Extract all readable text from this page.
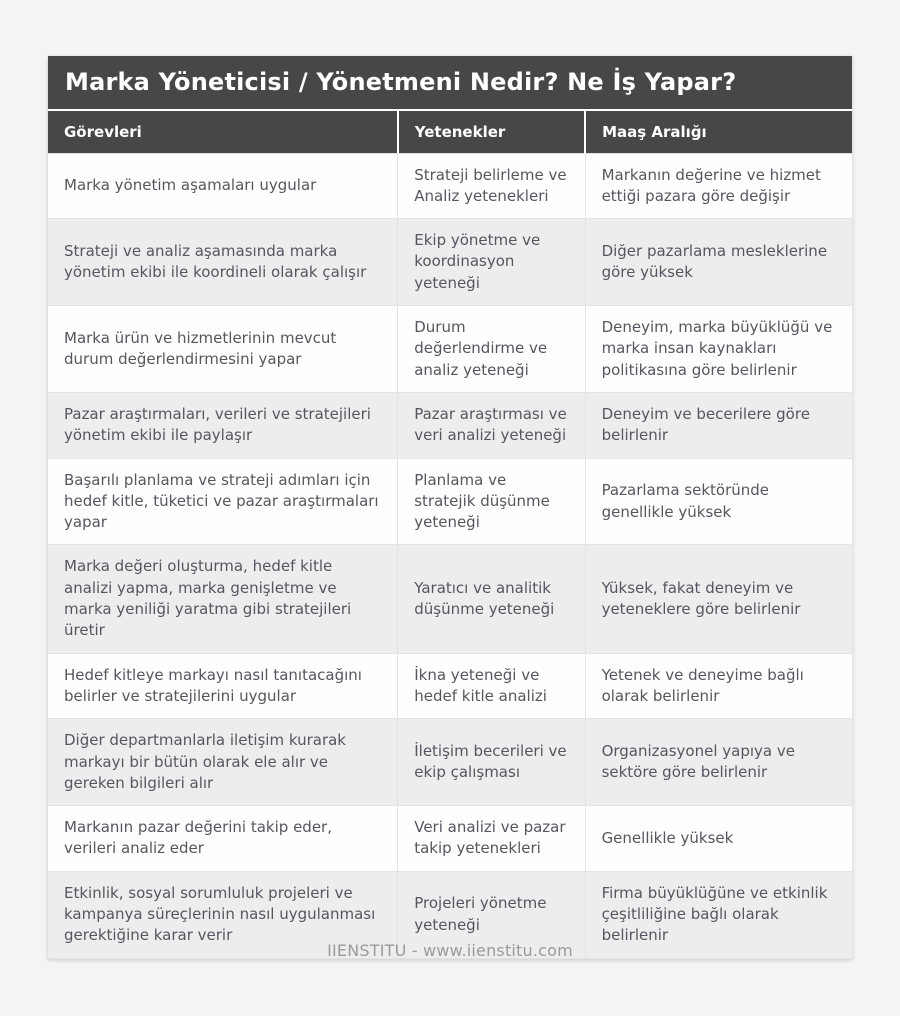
Marka Yöneticisi / Yönetmeni Nedir? Ne İş Yapar?
Görevleri	Yetenekler	Maaş Aralığı
Marka yönetim aşamaları uygular	Strateji belirleme ve Analiz yetenekleri	Markanın değerine ve hizmet ettiği pazara göre değişir
Strateji ve analiz aşamasında marka yönetim ekibi ile koordineli olarak çalışır	Ekip yönetme ve koordinasyon yeteneği	Diğer pazarlama mesleklerine göre yüksek
Marka ürün ve hizmetlerinin mevcut durum değerlendirmesini yapar	Durum değerlendirme ve analiz yeteneği	Deneyim, marka büyüklüğü ve marka insan kaynakları politikasına göre belirlenir
Pazar araştırmaları, verileri ve stratejileri yönetim ekibi ile paylaşır	Pazar araştırması ve veri analizi yeteneği	Deneyim ve becerilere göre belirlenir
Başarılı planlama ve strateji adımları için hedef kitle, tüketici ve pazar araştırmaları yapar	Planlama ve stratejik düşünme yeteneği	Pazarlama sektöründe genellikle yüksek
Marka değeri oluşturma, hedef kitle analizi yapma, marka genişletme ve marka yeniliği yaratma gibi stratejileri üretir	Yaratıcı ve analitik düşünme yeteneği	Yüksek, fakat deneyim ve yeteneklere göre belirlenir
Hedef kitleye markayı nasıl tanıtacağını belirler ve stratejilerini uygular	İkna yeteneği ve hedef kitle analizi	Yetenek ve deneyime bağlı olarak belirlenir
Diğer departmanlarla iletişim kurarak markayı bir bütün olarak ele alır ve gereken bilgileri alır	İletişim becerileri ve ekip çalışması	Organizasyonel yapıya ve sektöre göre belirlenir
Markanın pazar değerini takip eder, verileri analiz eder	Veri analizi ve pazar takip yetenekleri	Genellikle yüksek
Etkinlik, sosyal sorumluluk projeleri ve kampanya süreçlerinin nasıl uygulanması gerektiğine karar verir	Projeleri yönetme yeteneği	Firma büyüklüğüne ve etkinlik çeşitliliğine bağlı olarak belirlenir
IIENSTITU - www.iienstitu.com
